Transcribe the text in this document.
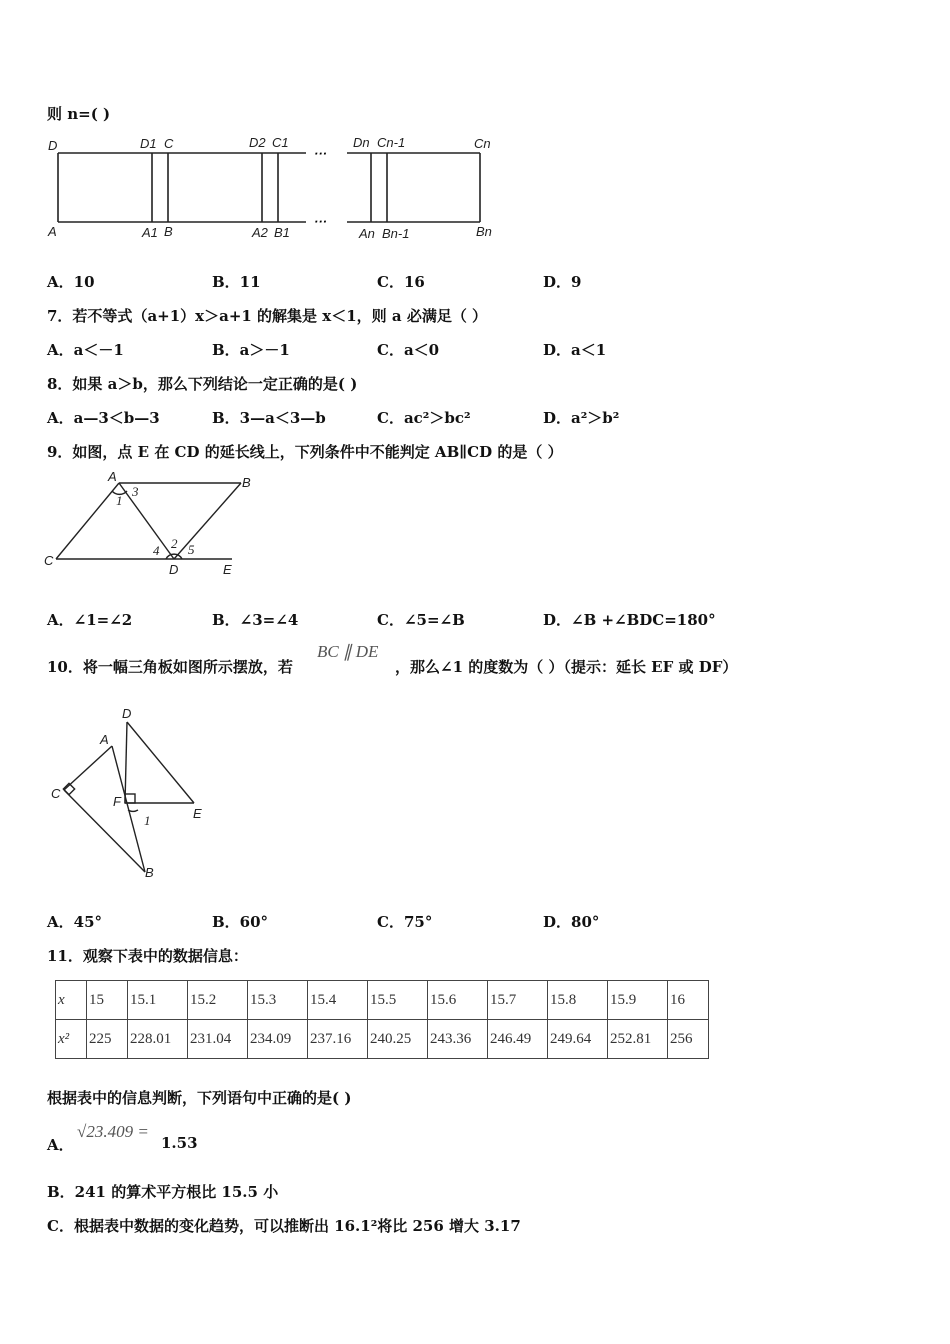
则 n=( )
···
···
D	D1 C	D2 C1	Dn Cn-1	Cn
A	A1 B	A2 B1	An Bn-1	Bn
A．10	B．11	C．16	D．9
7．若不等式（a+1）x＞a+1 的解集是 x＜1，则 a 必满足（ ）
A．a＜－1	B．a＞－1	C．a＜0	D．a＜1
8．如果 a＞b，那么下列结论一定正确的是( )
A．a—3＜b—3	B．3—a＜3—b	C．ac²＞bc²	D．a²＞b²
9．如图，点 E 在 CD 的延长线上，下列条件中不能判定 AB∥CD 的是（ ）
A	B
C
D	E
1
2
3
4 5
A．∠1=∠2	B．∠3=∠4	C．∠5=∠B	D．∠B +∠BDC=180°
10．将一幅三角板如图所示摆放，若
BC ∥ DE
，那么∠1 的度数为（ ）（提示：延长 EF 或 DF）
D
A
C
F
E
1
B
A．45°	B．60°	C．75°	D．80°
11．观察下表中的数据信息：
x	15	15.1	15.2	15.3	15.4	15.5	15.6	15.7	15.8	15.9	16
x²	225	228.01	231.04	234.09	237.16	240.25	243.36	246.49	249.64	252.81	256
根据表中的信息判断，下列语句中正确的是( )
A．
√23.409 =
1.53
B．241 的算术平方根比 15.5 小
C．根据表中数据的变化趋势，可以推断出 16.1²将比 256 增大 3.17
